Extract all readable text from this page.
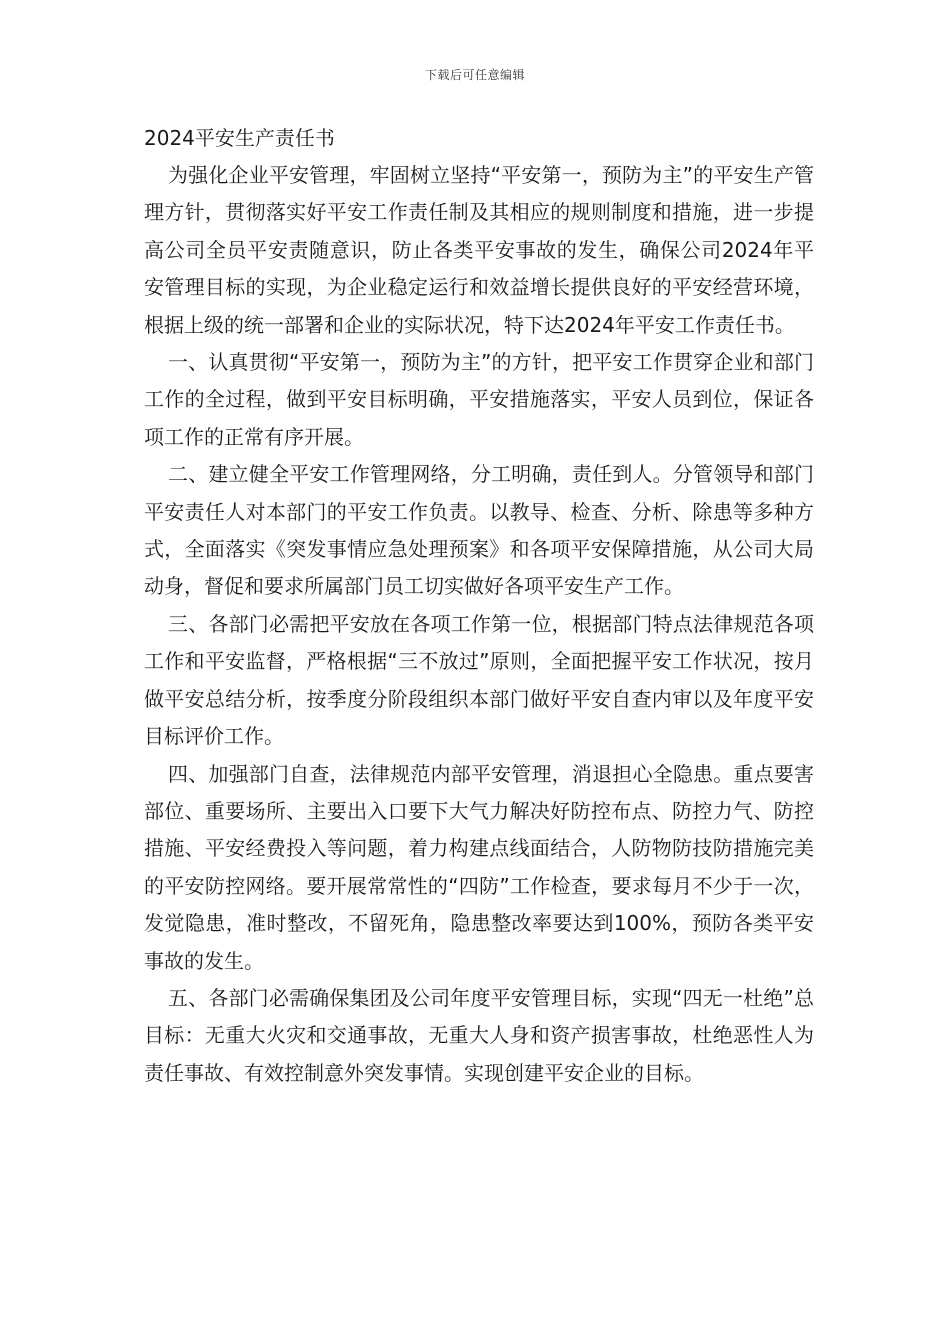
下载后可任意编辑
2024平安生产责任书

为强化企业平安管理，牢固树立坚持“平安第一，预防为主”的平安生产管理方针，贯彻落实好平安工作责任制及其相应的规则制度和措施，进一步提高公司全员平安责随意识，防止各类平安事故的发生，确保公司2024年平安管理目标的实现，为企业稳定运行和效益增长提供良好的平安经营环境，根据上级的统一部署和企业的实际状况，特下达2024年平安工作责任书。

一、认真贯彻“平安第一，预防为主”的方针，把平安工作贯穿企业和部门工作的全过程，做到平安目标明确，平安措施落实，平安人员到位，保证各项工作的正常有序开展。

二、建立健全平安工作管理网络，分工明确，责任到人。分管领导和部门平安责任人对本部门的平安工作负责。以教导、检查、分析、除患等多种方式，全面落实《突发事情应急处理预案》和各项平安保障措施，从公司大局动身，督促和要求所属部门员工切实做好各项平安生产工作。

三、各部门必需把平安放在各项工作第一位，根据部门特点法律规范各项工作和平安监督，严格根据“三不放过”原则，全面把握平安工作状况，按月做平安总结分析，按季度分阶段组织本部门做好平安自查内审以及年度平安目标评价工作。

四、加强部门自查，法律规范内部平安管理，消退担心全隐患。重点要害部位、重要场所、主要出入口要下大气力解决好防控布点、防控力气、防控措施、平安经费投入等问题，着力构建点线面结合，人防物防技防措施完美的平安防控网络。要开展常常性的“四防”工作检查，要求每月不少于一次，发觉隐患，准时整改，不留死角，隐患整改率要达到100%，预防各类平安事故的发生。

五、各部门必需确保集团及公司年度平安管理目标，实现“四无一杜绝”总目标：无重大火灾和交通事故，无重大人身和资产损害事故，杜绝恶性人为责任事故、有效控制意外突发事情。实现创建平安企业的目标。
